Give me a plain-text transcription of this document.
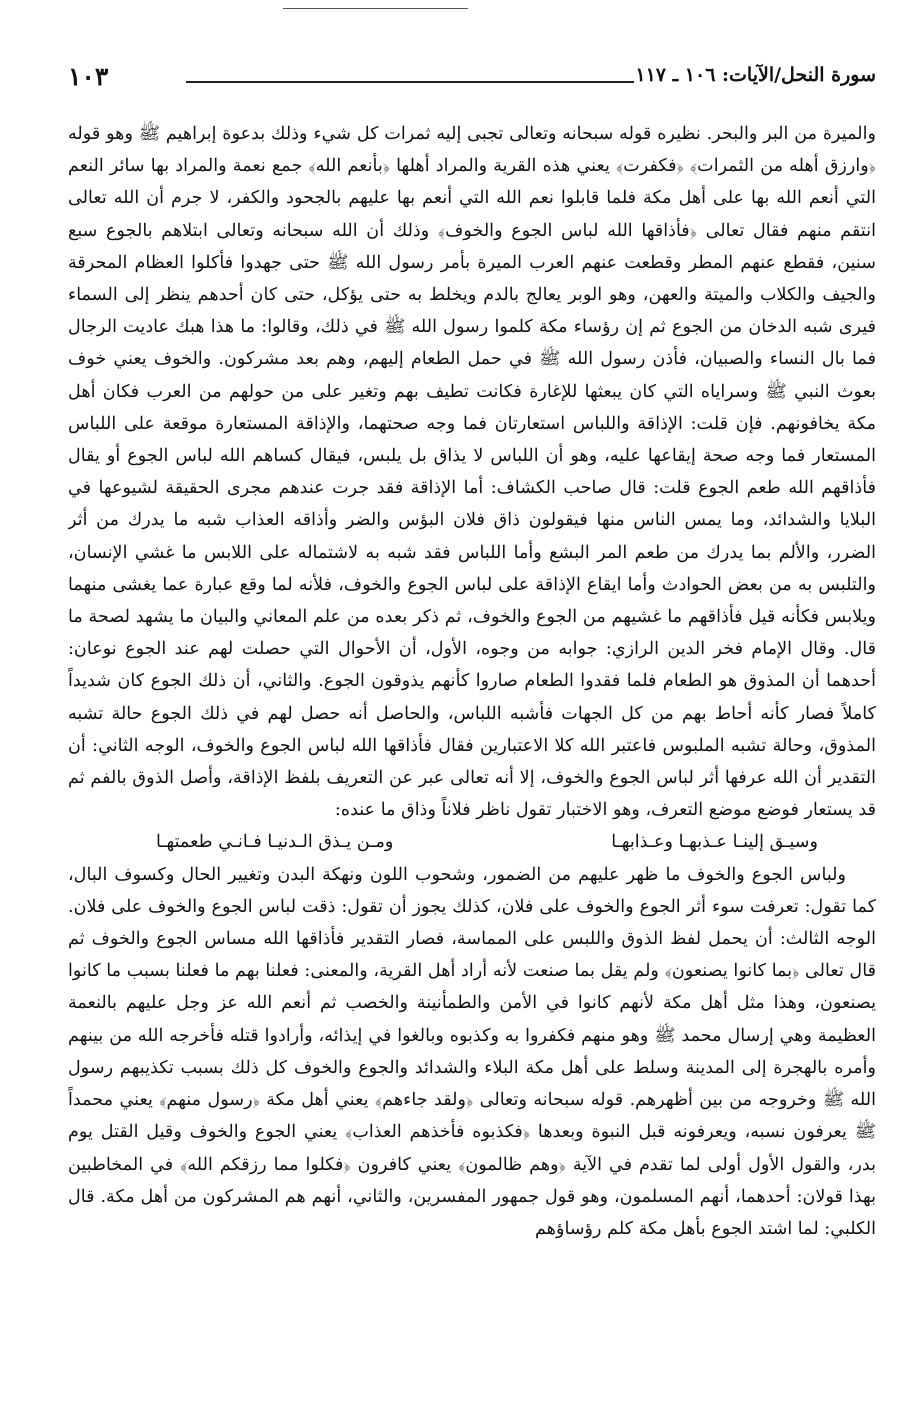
١٠٣	سورة النحل/الآيات: ١٠٦ ـ ١١٧

والميرة من البر والبحر. نظيره قوله سبحانه وتعالى تجبى إليه ثمرات كل شيء وذلك بدعوة إبراهيم ﷺ وهو قوله ﴿وارزق أهله من الثمرات﴾ ﴿فكفرت﴾ يعني هذه القرية والمراد أهلها ﴿بأنعم الله﴾ جمع نعمة والمراد بها سائر النعم التي أنعم الله بها على أهل مكة فلما قابلوا نعم الله التي أنعم بها عليهم بالجحود والكفر، لا جرم أن الله تعالى انتقم منهم فقال تعالى ﴿فأذاقها الله لباس الجوع والخوف﴾ وذلك أن الله سبحانه وتعالى ابتلاهم بالجوع سبع سنين، فقطع عنهم المطر وقطعت عنهم العرب الميرة بأمر رسول الله ﷺ حتى جهدوا فأكلوا العظام المحرقة والجيف والكلاب والميتة والعهن، وهو الوبر يعالج بالدم ويخلط به حتى يؤكل، حتى كان أحدهم ينظر إلى السماء فيرى شبه الدخان من الجوع ثم إن رؤساء مكة كلموا رسول الله ﷺ في ذلك، وقالوا: ما هذا هبك عاديت الرجال فما بال النساء والصبيان، فأذن رسول الله ﷺ في حمل الطعام إليهم، وهم بعد مشركون. والخوف يعني خوف بعوث النبي ﷺ وسراياه التي كان يبعثها للإغارة فكانت تطيف بهم وتغير على من حولهم من العرب فكان أهل مكة يخافونهم. فإن قلت: الإذاقة واللباس استعارتان فما وجه صحتهما، والإذاقة المستعارة موقعة على اللباس المستعار فما وجه صحة إيقاعها عليه، وهو أن اللباس لا يذاق بل يلبس، فيقال كساهم الله لباس الجوع أو يقال فأذاقهم الله طعم الجوع قلت: قال صاحب الكشاف: أما الإذاقة فقد جرت عندهم مجرى الحقيقة لشيوعها في البلايا والشدائد، وما يمس الناس منها فيقولون ذاق فلان البؤس والضر وأذاقه العذاب شبه ما يدرك من أثر الضرر، والألم بما يدرك من طعم المر البشع وأما اللباس فقد شبه به لاشتماله على اللابس ما غشي الإنسان، والتلبس به من بعض الحوادث وأما ايقاع الإذاقة على لباس الجوع والخوف، فلأنه لما وقع عبارة عما يغشى منهما ويلابس فكأنه قيل فأذاقهم ما غشيهم من الجوع والخوف، ثم ذكر بعده من علم المعاني والبيان ما يشهد لصحة ما قال. وقال الإمام فخر الدين الرازي: جوابه من وجوه، الأول، أن الأحوال التي حصلت لهم عند الجوع نوعان: أحدهما أن المذوق هو الطعام فلما فقدوا الطعام صاروا كأنهم يذوقون الجوع. والثاني، أن ذلك الجوع كان شديداً كاملاً فصار كأنه أحاط بهم من كل الجهات فأشبه اللباس، والحاصل أنه حصل لهم في ذلك الجوع حالة تشبه المذوق، وحالة تشبه الملبوس فاعتبر الله كلا الاعتبارين فقال فأذاقها الله لباس الجوع والخوف، الوجه الثاني: أن التقدير أن الله عرفها أثر لباس الجوع والخوف، إلا أنه تعالى عبر عن التعريف بلفظ الإذاقة، وأصل الذوق بالفم ثم قد يستعار فوضع موضع التعرف، وهو الاختبار تقول ناظر فلاناً وذاق ما عنده:

ومـن يـذق الـدنيـا فـانـي طعمتهـا	وسيـق إلينـا عـذبهـا وعـذابهـا

ولباس الجوع والخوف ما ظهر عليهم من الضمور، وشحوب اللون ونهكة البدن وتغيير الحال وكسوف البال، كما تقول: تعرفت سوء أثر الجوع والخوف على فلان، كذلك يجوز أن تقول: ذقت لباس الجوع والخوف على فلان. الوجه الثالث: أن يحمل لفظ الذوق واللبس على المماسة، فصار التقدير فأذاقها الله مساس الجوع والخوف ثم قال تعالى ﴿بما كانوا يصنعون﴾ ولم يقل بما صنعت لأنه أراد أهل القرية، والمعنى: فعلنا بهم ما فعلنا بسبب ما كانوا يصنعون، وهذا مثل أهل مكة لأنهم كانوا في الأمن والطمأنينة والخصب ثم أنعم الله عز وجل عليهم بالنعمة العظيمة وهي إرسال محمد ﷺ وهو منهم فكفروا به وكذبوه وبالغوا في إيذائه، وأرادوا قتله فأخرجه الله من بينهم وأمره بالهجرة إلى المدينة وسلط على أهل مكة البلاء والشدائد والجوع والخوف كل ذلك بسبب تكذيبهم رسول الله ﷺ وخروجه من بين أظهرهم. قوله سبحانه وتعالى ﴿ولقد جاءهم﴾ يعني أهل مكة ﴿رسول منهم﴾ يعني محمداً ﷺ يعرفون نسبه، ويعرفونه قبل النبوة وبعدها ﴿فكذبوه فأخذهم العذاب﴾ يعني الجوع والخوف وقيل القتل يوم بدر، والقول الأول أولى لما تقدم في الآية ﴿وهم ظالمون﴾ يعني كافرون ﴿فكلوا مما رزقكم الله﴾ في المخاطبين بهذا قولان: أحدهما، أنهم المسلمون، وهو قول جمهور المفسرين، والثاني، أنهم هم المشركون من أهل مكة. قال الكلبي: لما اشتد الجوع بأهل مكة كلم رؤساؤهم
